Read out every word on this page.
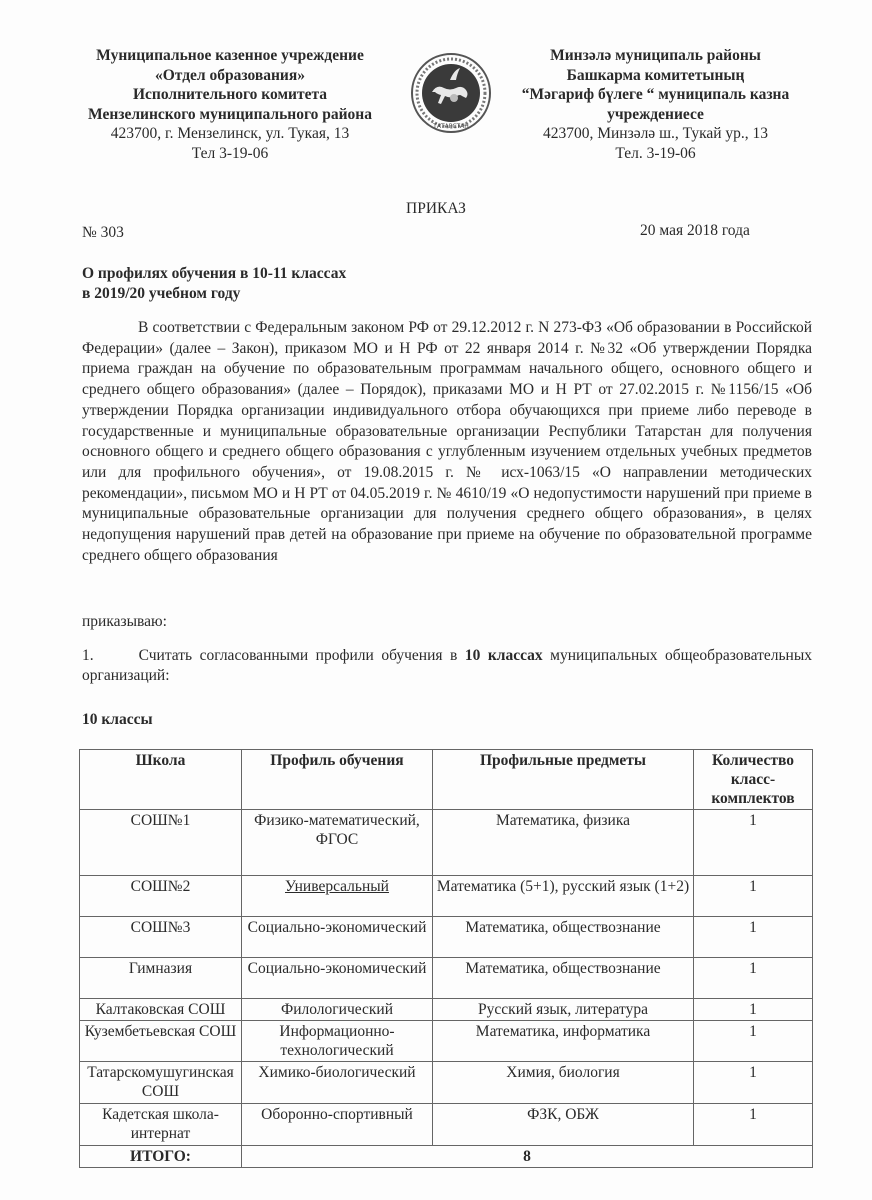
Муниципальное казенное учреждение
«Отдел образования»
Исполнительного комитета
Мензелинского муниципального района
423700, г. Мензелинск, ул. Тукая, 13
Тел 3-19-06
ТАТАРСТАН
Минзәлә муниципаль районы
Башкарма комитетының
“Мәгариф бүлеге “ муниципаль казна
учреждениесе
423700, Минзәлә ш., Тукай ур., 13
Тел. 3-19-06
ПРИКАЗ
№ 303	20 мая 2018 года
О профилях обучения в 10-11 классах
в 2019/20 учебном году
В соответствии с Федеральным законом РФ от 29.12.2012 г. N 273-ФЗ «Об образовании в Российской Федерации» (далее – Закон), приказом МО и Н РФ от 22 января 2014 г. №32 «Об утверждении Порядка приема граждан на обучение по образовательным программам начального общего, основного общего и среднего общего образования» (далее – Порядок), приказами МО и Н РТ от 27.02.2015 г. №1156/15 «Об утверждении Порядка организации индивидуального отбора обучающихся при приеме либо переводе в государственные и муниципальные образовательные организации Республики Татарстан для получения основного общего и среднего общего образования с углубленным изучением отдельных учебных предметов или для профильного обучения», от 19.08.2015 г. № исх-1063/15 «О направлении методических рекомендации», письмом МО и Н РТ от 04.05.2019 г. № 4610/19 «О недопустимости нарушений при приеме в муниципальные образовательные организации для получения среднего общего образования», в целях недопущения нарушений прав детей на образование при приеме на обучение по образовательной программе среднего общего образования
приказываю:
1.      Считать согласованными профили обучения в 10 классах муниципальных общеобразовательных организаций:
10 классы
Школа	Профиль обучения	Профильные предметы	Количество класс-комплектов
СОШ№1	Физико-математический, ФГОС	Математика, физика	1
СОШ№2	Универсальный	Математика (5+1), русский язык (1+2)	1
СОШ№3	Социально-экономический	Математика, обществознание	1
Гимназия	Социально-экономический	Математика, обществознание	1
Калтаковская СОШ	Филологический	Русский язык, литература	1
Кузембетьевская СОШ	Информационно-технологический	Математика, информатика	1
Татарскомушугинская СОШ	Химико-биологический	Химия, биология	1
Кадетская школа-интернат	Оборонно-спортивный	ФЗК, ОБЖ	1
ИТОГО:	8		
